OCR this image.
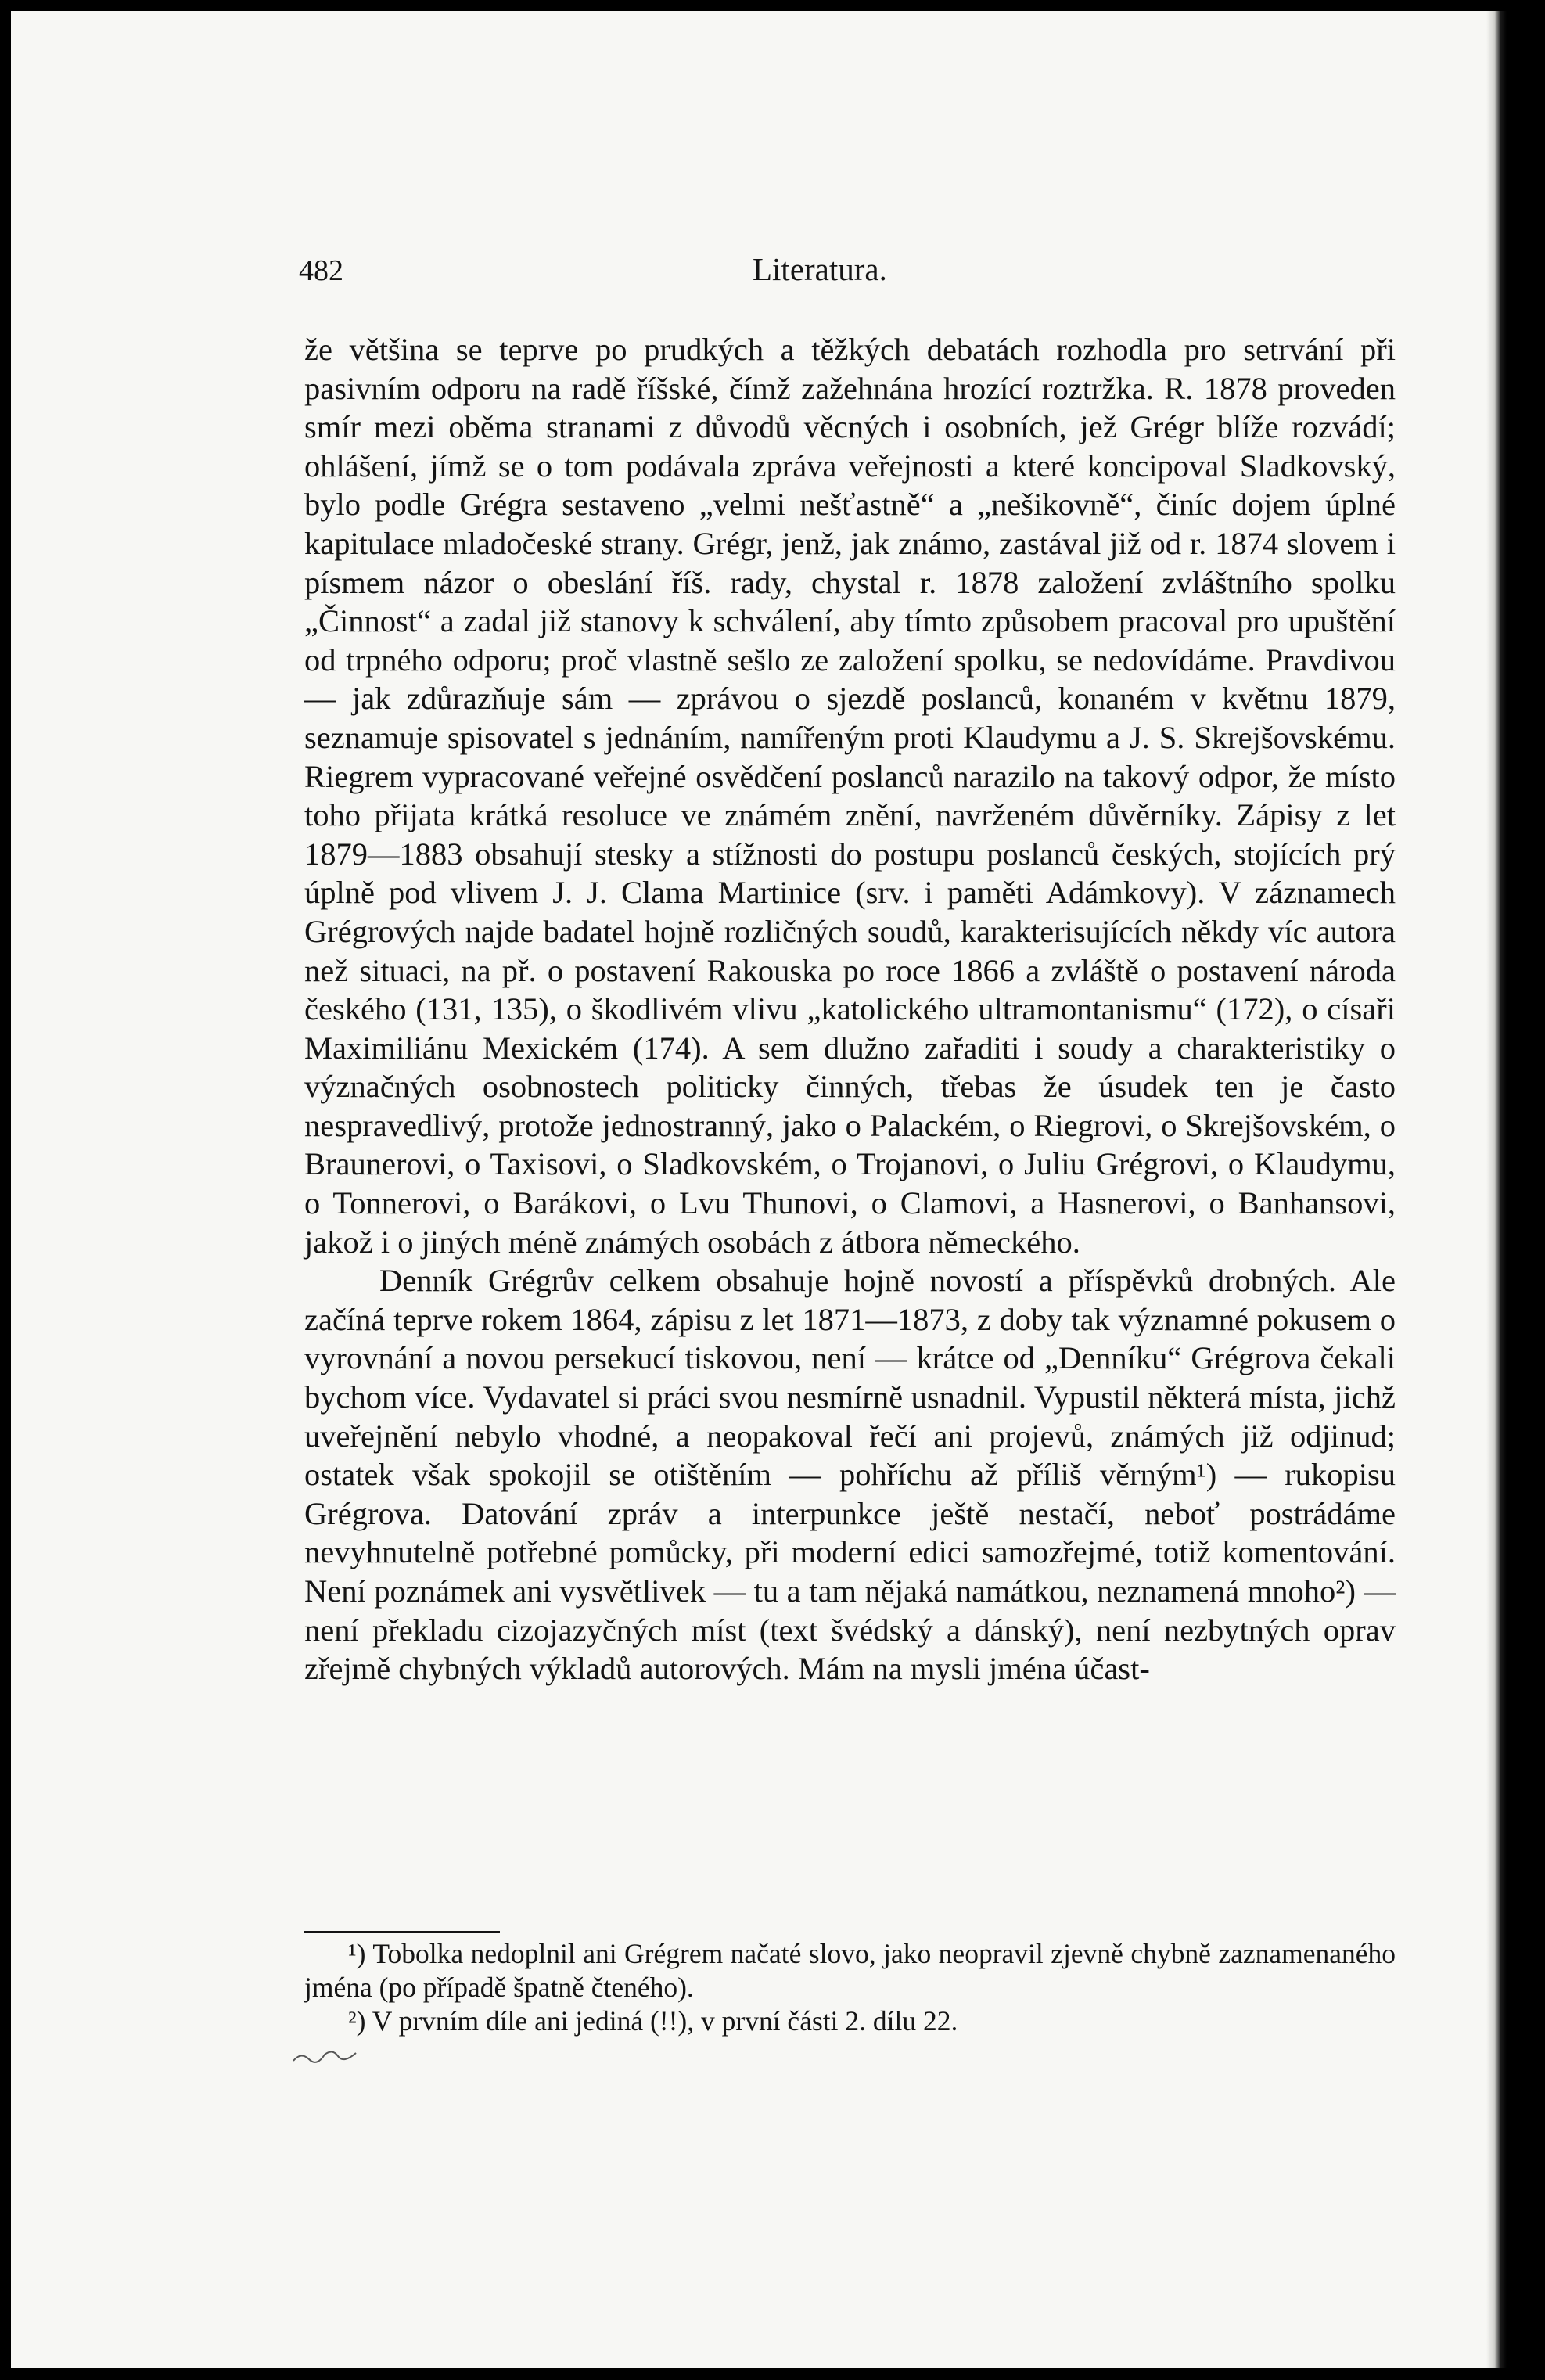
482	Literatura.

že většina se teprve po prudkých a těžkých debatách rozhodla pro setrvání při pasivním odporu na radě říšské, čímž zažehnána hrozící roztržka. R. 1878 proveden smír mezi oběma stranami z důvodů věcných i osobních, jež Grégr blíže rozvádí; ohlášení, jímž se o tom podávala zpráva veřejnosti a které koncipoval Sladkovský, bylo podle Grégra sestaveno „velmi nešťastně“ a „nešikovně“, činíc dojem úplné kapitulace mladočeské strany. Grégr, jenž, jak známo, zastával již od r. 1874 slovem i písmem názor o obeslání říš. rady, chystal r. 1878 založení zvláštního spolku „Činnost“ a zadal již stanovy k schválení, aby tímto způsobem pracoval pro upuštění od trpného odporu; proč vlastně sešlo ze založení spolku, se nedovídáme. Pravdivou — jak zdůrazňuje sám — zprávou o sjezdě poslanců, konaném v květnu 1879, seznamuje spisovatel s jednáním, namířeným proti Klaudymu a J. S. Skrejšovskému. Riegrem vypracované veřejné osvědčení poslanců narazilo na takový odpor, že místo toho přijata krátká resoluce ve známém znění, navrženém důvěrníky. Zápisy z let 1879—1883 obsahují stesky a stížnosti do postupu poslanců českých, stojících prý úplně pod vlivem J. J. Clama Martinice (srv. i paměti Adámkovy). V záznamech Grégrových najde badatel hojně rozličných soudů, karakterisujících někdy víc autora než situaci, na př. o postavení Rakouska po roce 1866 a zvláště o postavení národa českého (131, 135), o škodlivém vlivu „katolického ultramontanismu“ (172), o císaři Maximiliánu Mexickém (174). A sem dlužno zařaditi i soudy a charakteristiky o význačných osobnostech politicky činných, třebas že úsudek ten je často nespravedlivý, protože jednostranný, jako o Palackém, o Riegrovi, o Skrejšovském, o Braunerovi, o Taxisovi, o Sladkovském, o Trojanovi, o Juliu Grégrovi, o Klaudymu, o Tonnerovi, o Barákovi, o Lvu Thunovi, o Clamovi, a Hasnerovi, o Banhansovi, jakož i o jiných méně známých osobách z átbora německého.

Denník Grégrův celkem obsahuje hojně novostí a příspěvků drobných. Ale začíná teprve rokem 1864, zápisu z let 1871—1873, z doby tak významné pokusem o vyrovnání a novou persekucí tiskovou, není — krátce od „Denníku“ Grégrova čekali bychom více. Vydavatel si práci svou nesmírně usnadnil. Vypustil některá místa, jichž uveřejnění nebylo vhodné, a neopakoval řečí ani projevů, známých již odjinud; ostatek však spokojil se otištěním — pohříchu až příliš věrným¹) — rukopisu Grégrova. Datování zpráv a interpunkce ještě nestačí, neboť postrádáme nevyhnutelně potřebné pomůcky, při moderní edici samozřejmé, totiž komentování. Není poznámek ani vysvětlivek — tu a tam nějaká namátkou, neznamená mnoho²) — není překladu cizojazyčných míst (text švédský a dánský), není nezbytných oprav zřejmě chybných výkladů autorových. Mám na mysli jména účast-

¹) Tobolka nedoplnil ani Grégrem načaté slovo, jako neopravil zjevně chybně zaznamenaného jména (po případě špatně čteného).

²) V prvním díle ani jediná (!!), v první části 2. dílu 22.
